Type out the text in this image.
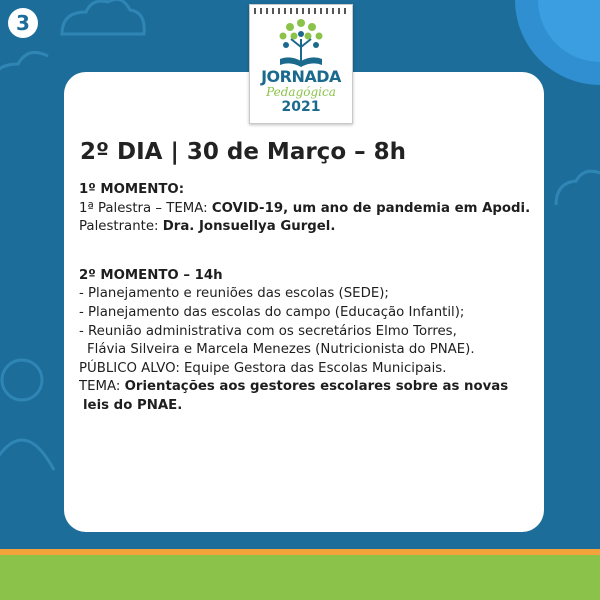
3
JORNADA
Pedagógica
2021
2º DIA | 30 de Março – 8h
1º MOMENTO:
1ª Palestra – TEMA: COVID-19, um ano de pandemia em Apodi.
Palestrante: Dra. Jonsuellya Gurgel.
2º MOMENTO – 14h
- Planejamento e reuniões das escolas (SEDE);
- Planejamento das escolas do campo (Educação Infantil);
- Reunião administrativa com os secretários Elmo Torres,
Flávia Silveira e Marcela Menezes (Nutricionista do PNAE).
PÚBLICO ALVO: Equipe Gestora das Escolas Municipais.
TEMA: Orientações aos gestores escolares sobre as novas
leis do PNAE.
